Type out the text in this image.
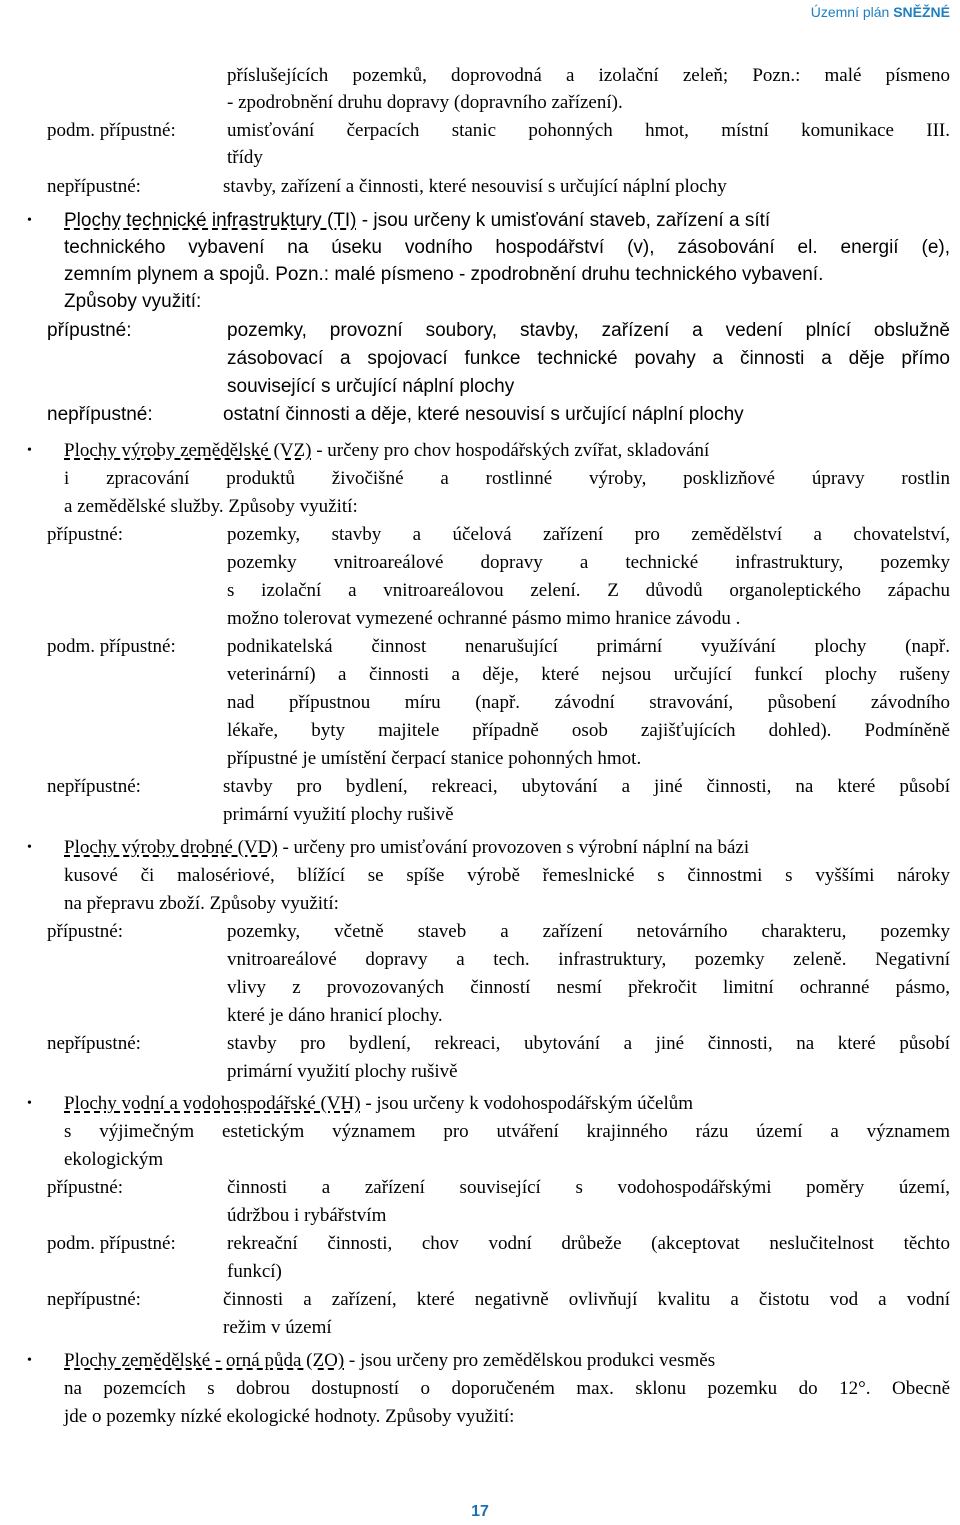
Územní plán SNĚŽNÉ
příslušejících pozemků, doprovodná a izolační zeleň; Pozn.: malé písmeno
- zpodrobnění druhu dopravy (dopravního zařízení).
podm. přípustné:	umisťování čerpacích stanic pohonných hmot, místní komunikace III.
třídy
nepřípustné:	stavby, zařízení a činnosti, které nesouvisí s určující náplní plochy
• Plochy technické infrastruktury (TI) - jsou určeny k umisťování staveb, zařízení a sítí
technického vybavení na úseku vodního hospodářství (v), zásobování el. energií (e),
zemním plynem a spojů. Pozn.: malé písmeno - zpodrobnění druhu technického vybavení.
Způsoby využití:
přípustné:	pozemky, provozní soubory, stavby, zařízení a vedení plnící obslužně
zásobovací a spojovací funkce technické povahy a činnosti a děje přímo
související s určující náplní plochy
nepřípustné:	ostatní činnosti a děje, které nesouvisí s určující náplní plochy
• Plochy výroby zemědělské (VZ) - určeny pro chov hospodářských zvířat, skladování
i zpracování produktů živočišné a rostlinné výroby, posklizňové úpravy rostlin
a zemědělské služby. Způsoby využití:
přípustné:	pozemky, stavby a účelová zařízení pro zemědělství a chovatelství,
pozemky vnitroareálové dopravy a technické infrastruktury, pozemky
s izolační a vnitroareálovou zelení. Z důvodů organoleptického zápachu
možno tolerovat vymezené ochranné pásmo mimo hranice závodu .
podm. přípustné:	podnikatelská činnost nenarušující primární využívání plochy (např.
veterinární) a činnosti a děje, které nejsou určující funkcí plochy rušeny
nad přípustnou míru (např. závodní stravování, působení závodního
lékaře, byty majitele případně osob zajišťujících dohled). Podmíněně
přípustné je umístění čerpací stanice pohonných hmot.
nepřípustné:	stavby pro bydlení, rekreaci, ubytování a jiné činnosti, na které působí
primární využití plochy rušivě
• Plochy výroby drobné (VD) - určeny pro umisťování provozoven s výrobní náplní na bázi
kusové či malosériové, blížící se spíše výrobě řemeslnické s činnostmi s vyššími nároky
na přepravu zboží. Způsoby využití:
přípustné:	pozemky, včetně staveb a zařízení netovárního charakteru, pozemky
vnitroareálové dopravy a tech. infrastruktury, pozemky zeleně. Negativní
vlivy z provozovaných činností nesmí překročit limitní ochranné pásmo,
které je dáno hranicí plochy.
nepřípustné:	stavby pro bydlení, rekreaci, ubytování a jiné činnosti, na které působí
primární využití plochy rušivě
• Plochy vodní a vodohospodářské (VH) - jsou určeny k vodohospodářským účelům
s výjimečným estetickým významem pro utváření krajinného rázu území a významem
ekologickým
přípustné:	činnosti a zařízení související s vodohospodářskými poměry území,
údržbou i rybářstvím
podm. přípustné:	rekreační činnosti, chov vodní drůbeže (akceptovat neslučitelnost těchto
funkcí)
nepřípustné:	činnosti a zařízení, které negativně ovlivňují kvalitu a čistotu vod a vodní
režim v území
• Plochy zemědělské - orná půda (ZO) - jsou určeny pro zemědělskou produkci vesměs
na pozemcích s dobrou dostupností o doporučeném max. sklonu pozemku do 12°. Obecně
jde o pozemky nízké ekologické hodnoty. Způsoby využití:
17
